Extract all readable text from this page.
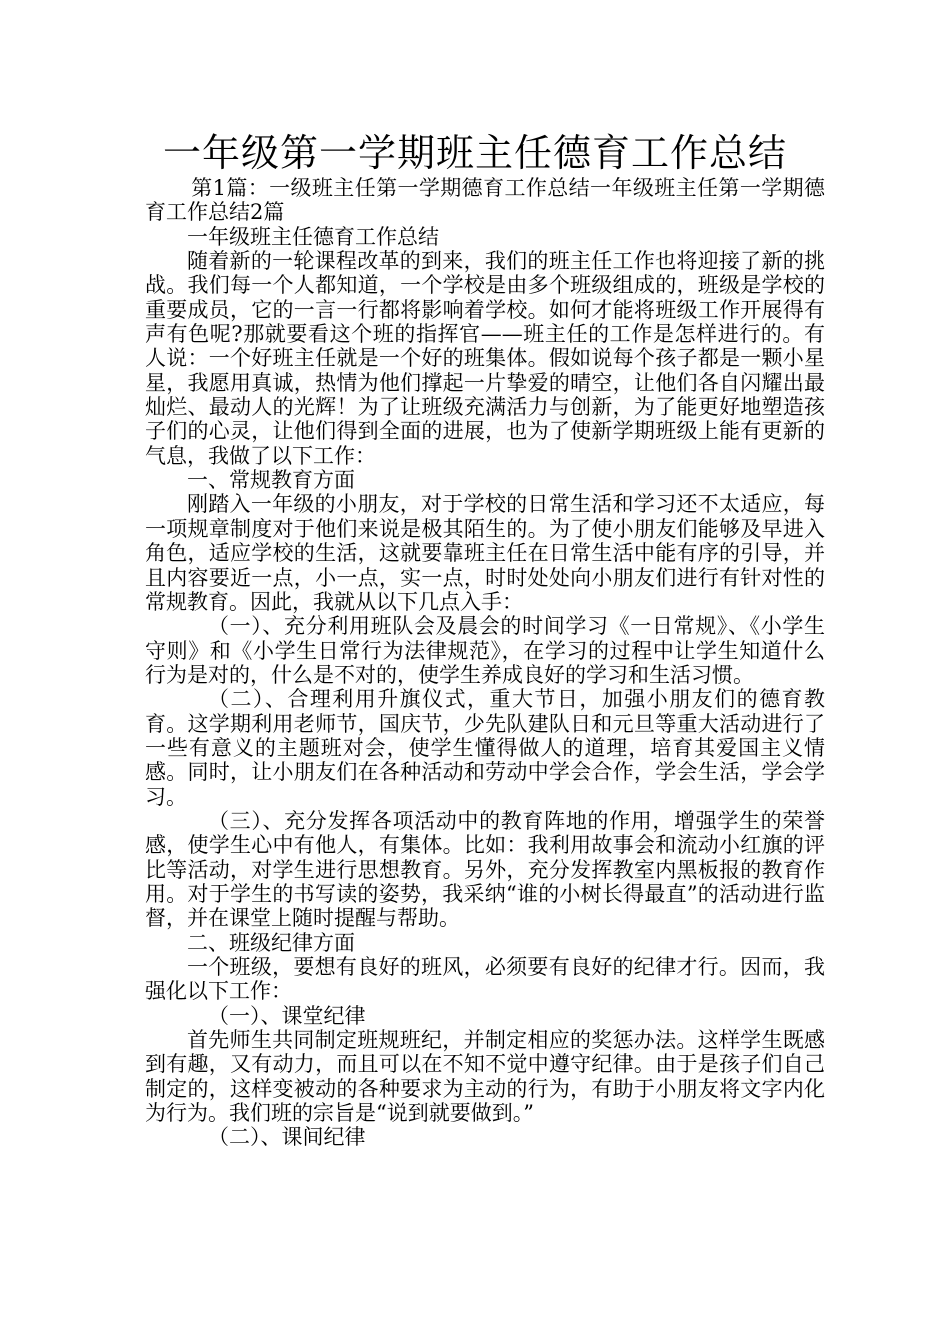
一年级第一学期班主任德育工作总结

第1篇：一级班主任第一学期德育工作总结一年级班主任第一学期德育工作总结2篇

一年级班主任德育工作总结

随着新的一轮课程改革的到来，我们的班主任工作也将迎接了新的挑战。我们每一个人都知道，一个学校是由多个班级组成的，班级是学校的重要成员，它的一言一行都将影响着学校。如何才能将班级工作开展得有声有色呢?那就要看这个班的指挥官——班主任的工作是怎样进行的。有人说：一个好班主任就是一个好的班集体。假如说每个孩子都是一颗小星星，我愿用真诚，热情为他们撑起一片挚爱的晴空，让他们各自闪耀出最灿烂、最动人的光辉！为了让班级充满活力与创新，为了能更好地塑造孩子们的心灵，让他们得到全面的进展，也为了使新学期班级上能有更新的气息，我做了以下工作：

一、常规教育方面

刚踏入一年级的小朋友，对于学校的日常生活和学习还不太适应，每一项规章制度对于他们来说是极其陌生的。为了使小朋友们能够及早进入角色，适应学校的生活，这就要靠班主任在日常生活中能有序的引导，并且内容要近一点，小一点，实一点，时时处处向小朋友们进行有针对性的常规教育。因此，我就从以下几点入手：

（一）、充分利用班队会及晨会的时间学习《一日常规》、《小学生守则》和《小学生日常行为法律规范》，在学习的过程中让学生知道什么行为是对的，什么是不对的，使学生养成良好的学习和生活习惯。

（二）、合理利用升旗仪式，重大节日，加强小朋友们的德育教育。这学期利用老师节，国庆节，少先队建队日和元旦等重大活动进行了一些有意义的主题班对会，使学生懂得做人的道理，培育其爱国主义情感。同时，让小朋友们在各种活动和劳动中学会合作，学会生活，学会学习。

（三）、充分发挥各项活动中的教育阵地的作用，增强学生的荣誉感，使学生心中有他人，有集体。比如：我利用故事会和流动小红旗的评比等活动，对学生进行思想教育。另外，充分发挥教室内黑板报的教育作用。对于学生的书写读的姿势，我采纳“谁的小树长得最直”的活动进行监督，并在课堂上随时提醒与帮助。

二、班级纪律方面

一个班级，要想有良好的班风，必须要有良好的纪律才行。因而，我强化以下工作：

（一）、课堂纪律

首先师生共同制定班规班纪，并制定相应的奖惩办法。这样学生既感到有趣，又有动力，而且可以在不知不觉中遵守纪律。由于是孩子们自己制定的，这样变被动的各种要求为主动的行为，有助于小朋友将文字内化为行为。我们班的宗旨是“说到就要做到。”

（二）、课间纪律
